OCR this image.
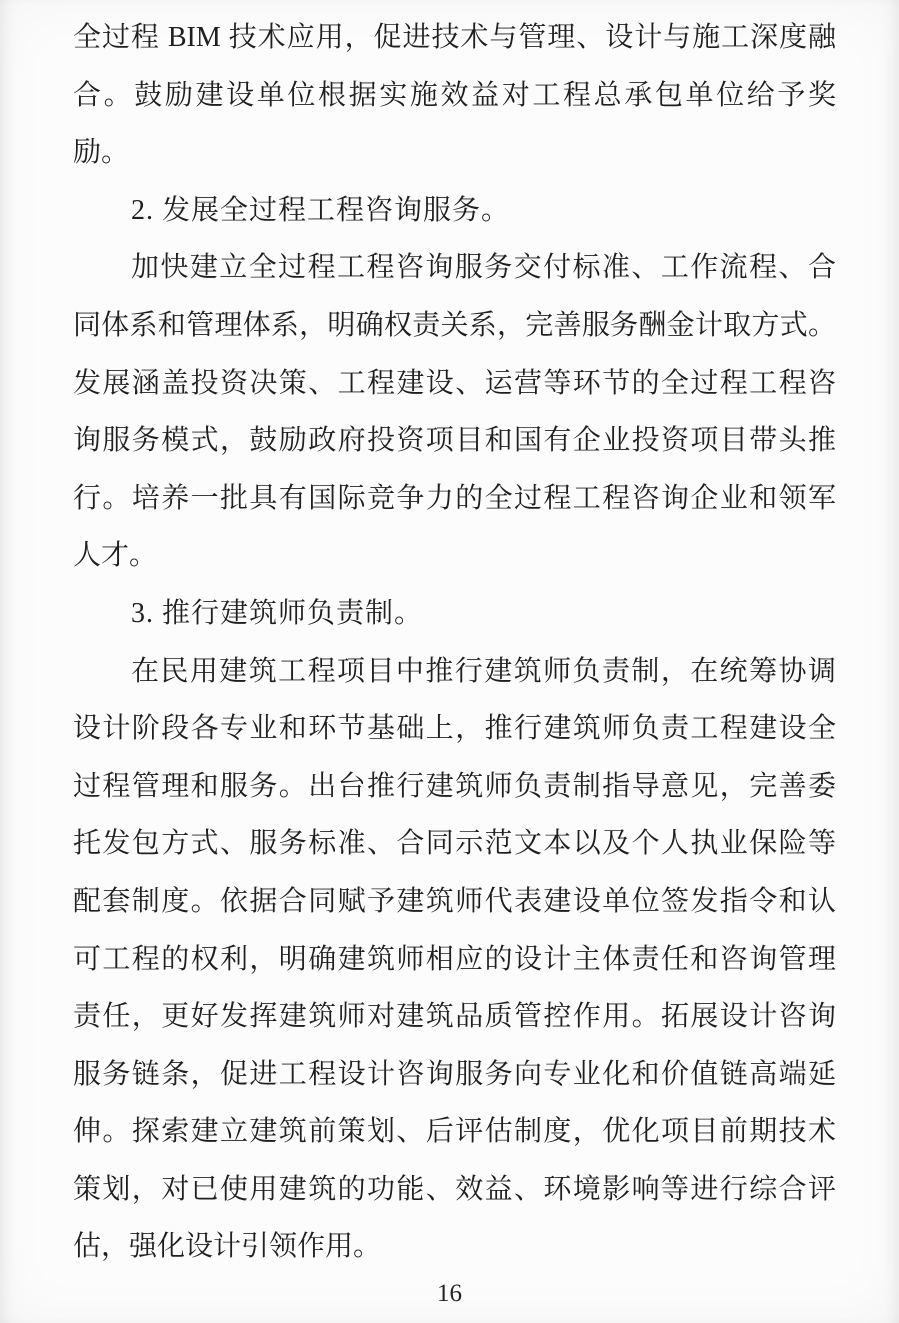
全过程 BIM 技术应用，促进技术与管理、设计与施工深度融
合。鼓励建设单位根据实施效益对工程总承包单位给予奖
励。
2. 发展全过程工程咨询服务。
加快建立全过程工程咨询服务交付标准、工作流程、合
同体系和管理体系，明确权责关系，完善服务酬金计取方式。
发展涵盖投资决策、工程建设、运营等环节的全过程工程咨
询服务模式，鼓励政府投资项目和国有企业投资项目带头推
行。培养一批具有国际竞争力的全过程工程咨询企业和领军
人才。
3. 推行建筑师负责制。
在民用建筑工程项目中推行建筑师负责制，在统筹协调
设计阶段各专业和环节基础上，推行建筑师负责工程建设全
过程管理和服务。出台推行建筑师负责制指导意见，完善委
托发包方式、服务标准、合同示范文本以及个人执业保险等
配套制度。依据合同赋予建筑师代表建设单位签发指令和认
可工程的权利，明确建筑师相应的设计主体责任和咨询管理
责任，更好发挥建筑师对建筑品质管控作用。拓展设计咨询
服务链条，促进工程设计咨询服务向专业化和价值链高端延
伸。探索建立建筑前策划、后评估制度，优化项目前期技术
策划，对已使用建筑的功能、效益、环境影响等进行综合评
估，强化设计引领作用。
16
